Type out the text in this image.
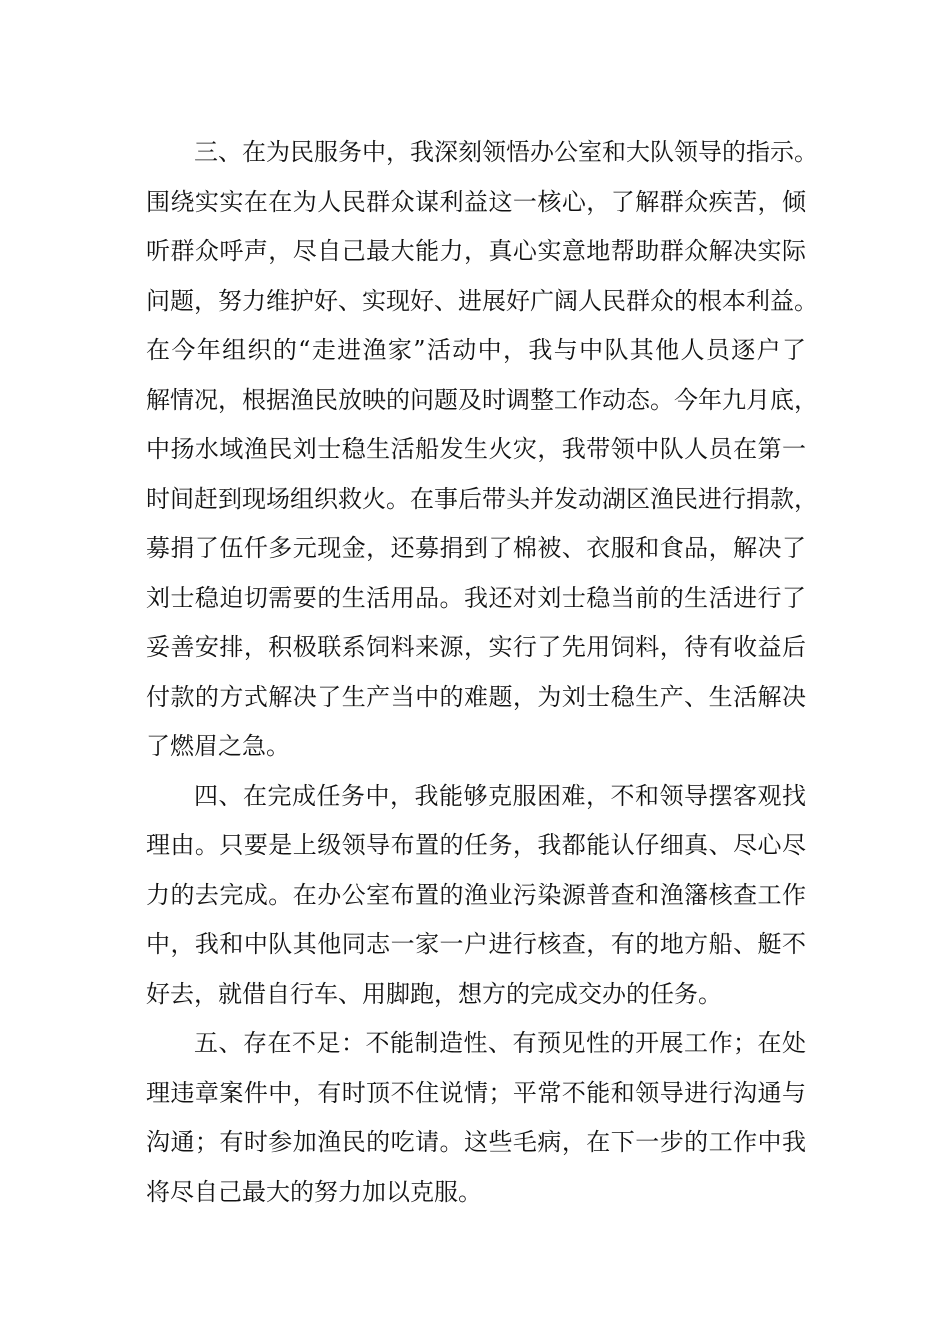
三、在为民服务中，我深刻领悟办公室和大队领导的指示。
围绕实实在在为人民群众谋利益这一核心，了解群众疾苦，倾
听群众呼声，尽自己最大能力，真心实意地帮助群众解决实际
问题，努力维护好、实现好、进展好广阔人民群众的根本利益。
在今年组织的“走进渔家”活动中，我与中队其他人员逐户了
解情况，根据渔民放映的问题及时调整工作动态。今年九月底，
中扬水域渔民刘士稳生活船发生火灾，我带领中队人员在第一
时间赶到现场组织救火。在事后带头并发动湖区渔民进行捐款，
募捐了伍仟多元现金，还募捐到了棉被、衣服和食品，解决了
刘士稳迫切需要的生活用品。我还对刘士稳当前的生活进行了
妥善安排，积极联系饲料来源，实行了先用饲料，待有收益后
付款的方式解决了生产当中的难题，为刘士稳生产、生活解决
了燃眉之急。
四、在完成任务中，我能够克服困难，不和领导摆客观找
理由。只要是上级领导布置的任务，我都能认仔细真、尽心尽
力的去完成。在办公室布置的渔业污染源普查和渔籓核查工作
中，我和中队其他同志一家一户进行核查，有的地方船、艇不
好去，就借自行车、用脚跑，想方的完成交办的任务。
五、存在不足：不能制造性、有预见性的开展工作；在处
理违章案件中，有时顶不住说情；平常不能和领导进行沟通与
沟通；有时参加渔民的吃请。这些毛病，在下一步的工作中我
将尽自己最大的努力加以克服。
